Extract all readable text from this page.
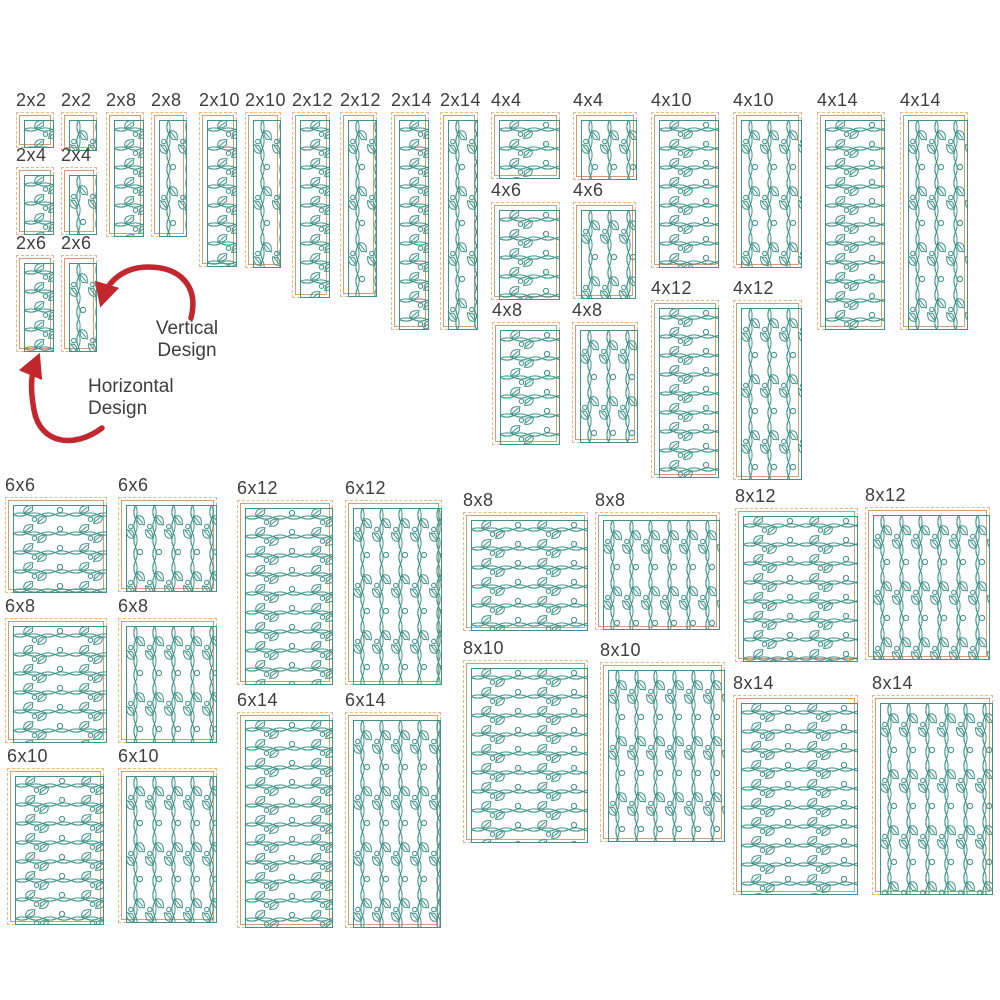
Vertical
Design
Horizontal
Design
2x2 2x2
2x4 2x4
2x6 2x6
2x8 2x8 2x10 2x10 2x12 2x12 2x14 2x14 4x4	4x4
4x6	4x6
4x8	4x8
4x10 4x10
4x12 4x12
4x14 4x14
6x6	6x6
6x8	6x8
6x10	6x10
6x12	6x12
6x14	6x14
8x8	8x8
8x10	8x10
8x12	8x12
8x14	8x14
